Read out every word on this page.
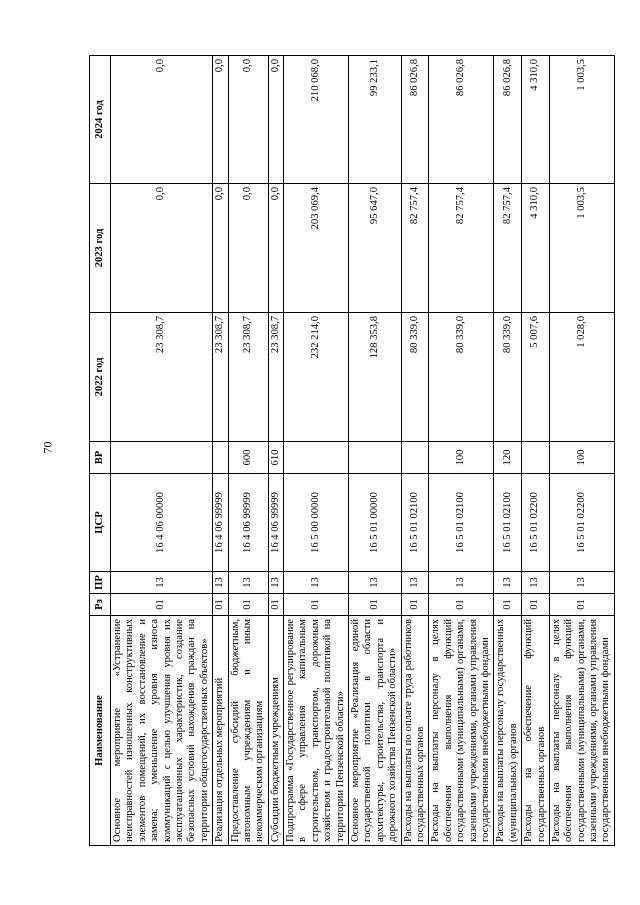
70
Наименование	Рз	ПР	ЦСР	ВР	2022 год	2023 год	2024 год
Основное мероприятие «Устранение неисправностей изношенных конструктивных элементов помещений, их восстановление и замена; уменьшение уровня износа коммуникаций с целью улучшения уровня их эксплуатационных характеристик, создание безопасных условий нахождения граждан на территории общегосударственных объектов»	01	13	16 4 06 00000		23 308,7	0,0	0,0
Реализация отдельных мероприятий	01	13	16 4 06 99999		23 308,7	0,0	0,0
Предоставление субсидий бюджетным, автономным учреждениям и иным некоммерческим организациям	01	13	16 4 06 99999	600	23 308,7	0,0	0,0
Субсидии бюджетным учреждениям	01	13	16 4 06 99999	610	23 308,7	0,0	0,0
Подпрограмма «Государственное регулирование в сфере управления капитальным строительством, транспортом, дорожным хозяйством и градостроительной политикой на территории Пензенской области»	01	13	16 5 00 00000		232 214,0	203 069,4	210 068,0
Основное мероприятие «Реализация единой государственной политики в области архитектуры, строительства, транспорта и дорожного хозяйства Пензенской области»	01	13	16 5 01 00000		128 353,8	95 647,0	99 233,1
Расходы на выплаты по оплате труда работников государственных органов	01	13	16 5 01 02100		80 339,0	82 757,4	86 026,8
Расходы на выплаты персоналу в целях обеспечения выполнения функций государственными (муниципальными) органами, казенными учреждениями, органами управления государственными внебюджетными фондами	01	13	16 5 01 02100	100	80 339,0	82 757,4	86 026,8
Расходы на выплаты персоналу государственных (муниципальных) органов	01	13	16 5 01 02100	120	80 339,0	82 757,4	86 026,8
Расходы на обеспечение функций государственных органов	01	13	16 5 01 02200		5 007,6	4 310,0	4 310,0
Расходы на выплаты персоналу в целях обеспечения выполнения функций государственными (муниципальными) органами, казенными учреждениями, органами управления государственными внебюджетными фондами	01	13	16 5 01 02200	100	1 028,0	1 003,5	1 003,5
